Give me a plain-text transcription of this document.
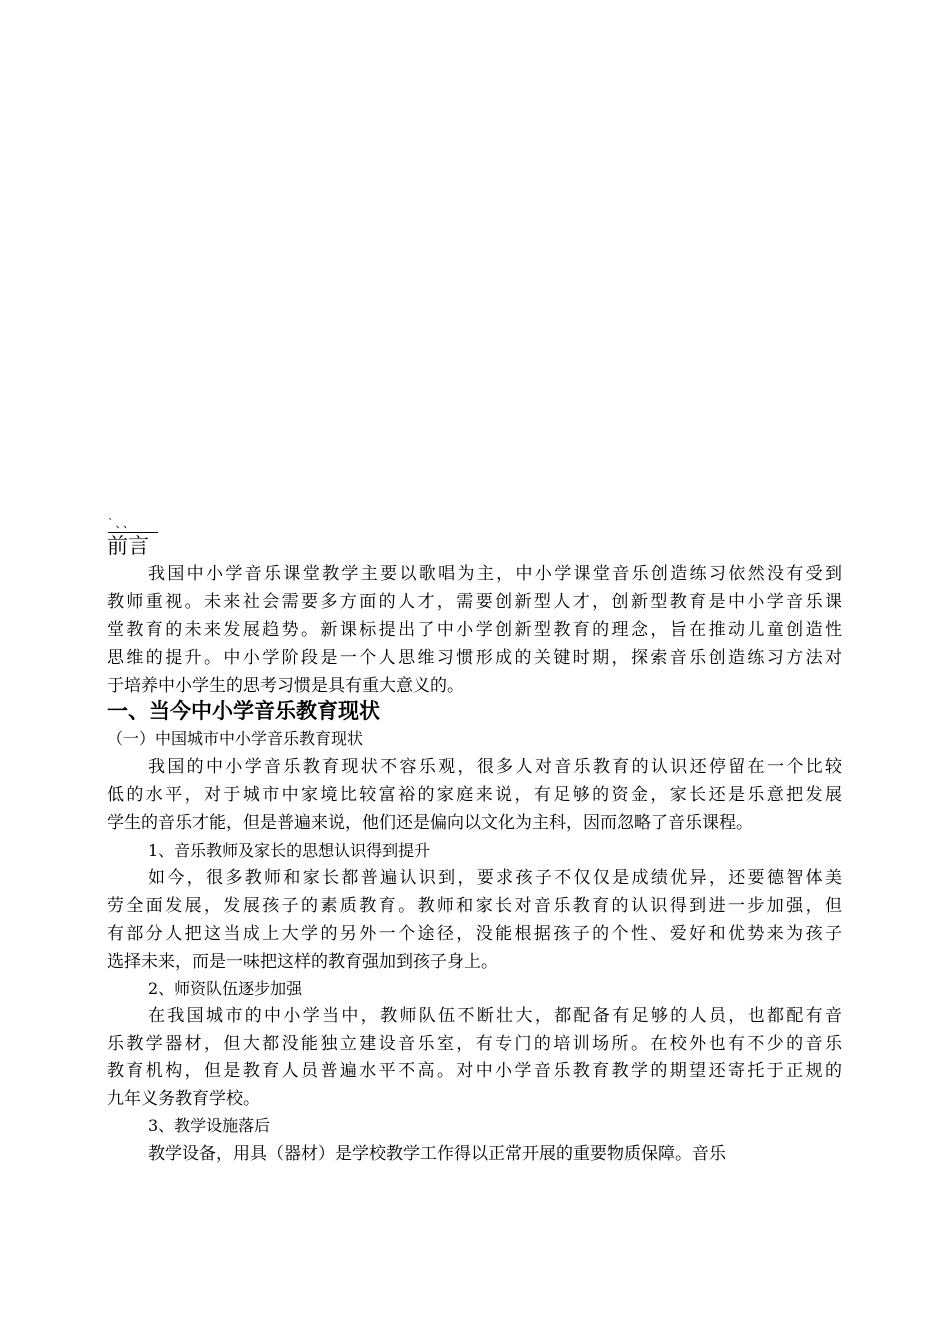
`、、
前言
我国中小学音乐课堂教学主要以歌唱为主，中小学课堂音乐创造练习依然没有受到
教师重视。未来社会需要多方面的人才，需要创新型人才，创新型教育是中小学音乐课
堂教育的未来发展趋势。新课标提出了中小学创新型教育的理念，旨在推动儿童创造性
思维的提升。中小学阶段是一个人思维习惯形成的关键时期，探索音乐创造练习方法对
于培养中小学生的思考习惯是具有重大意义的。
一、当今中小学音乐教育现状
（一）中国城市中小学音乐教育现状
我国的中小学音乐教育现状不容乐观，很多人对音乐教育的认识还停留在一个比较
低的水平，对于城市中家境比较富裕的家庭来说，有足够的资金，家长还是乐意把发展
学生的音乐才能，但是普遍来说，他们还是偏向以文化为主科，因而忽略了音乐课程。
1、音乐教师及家长的思想认识得到提升
如今，很多教师和家长都普遍认识到，要求孩子不仅仅是成绩优异，还要德智体美
劳全面发展，发展孩子的素质教育。教师和家长对音乐教育的认识得到进一步加强，但
有部分人把这当成上大学的另外一个途径，没能根据孩子的个性、爱好和优势来为孩子
选择未来，而是一味把这样的教育强加到孩子身上。
2、师资队伍逐步加强
在我国城市的中小学当中，教师队伍不断壮大，都配备有足够的人员，也都配有音
乐教学器材，但大都没能独立建设音乐室，有专门的培训场所。在校外也有不少的音乐
教育机构，但是教育人员普遍水平不高。对中小学音乐教育教学的期望还寄托于正规的
九年义务教育学校。
3、教学设施落后
教学设备，用具（器材）是学校教学工作得以正常开展的重要物质保障。音乐
